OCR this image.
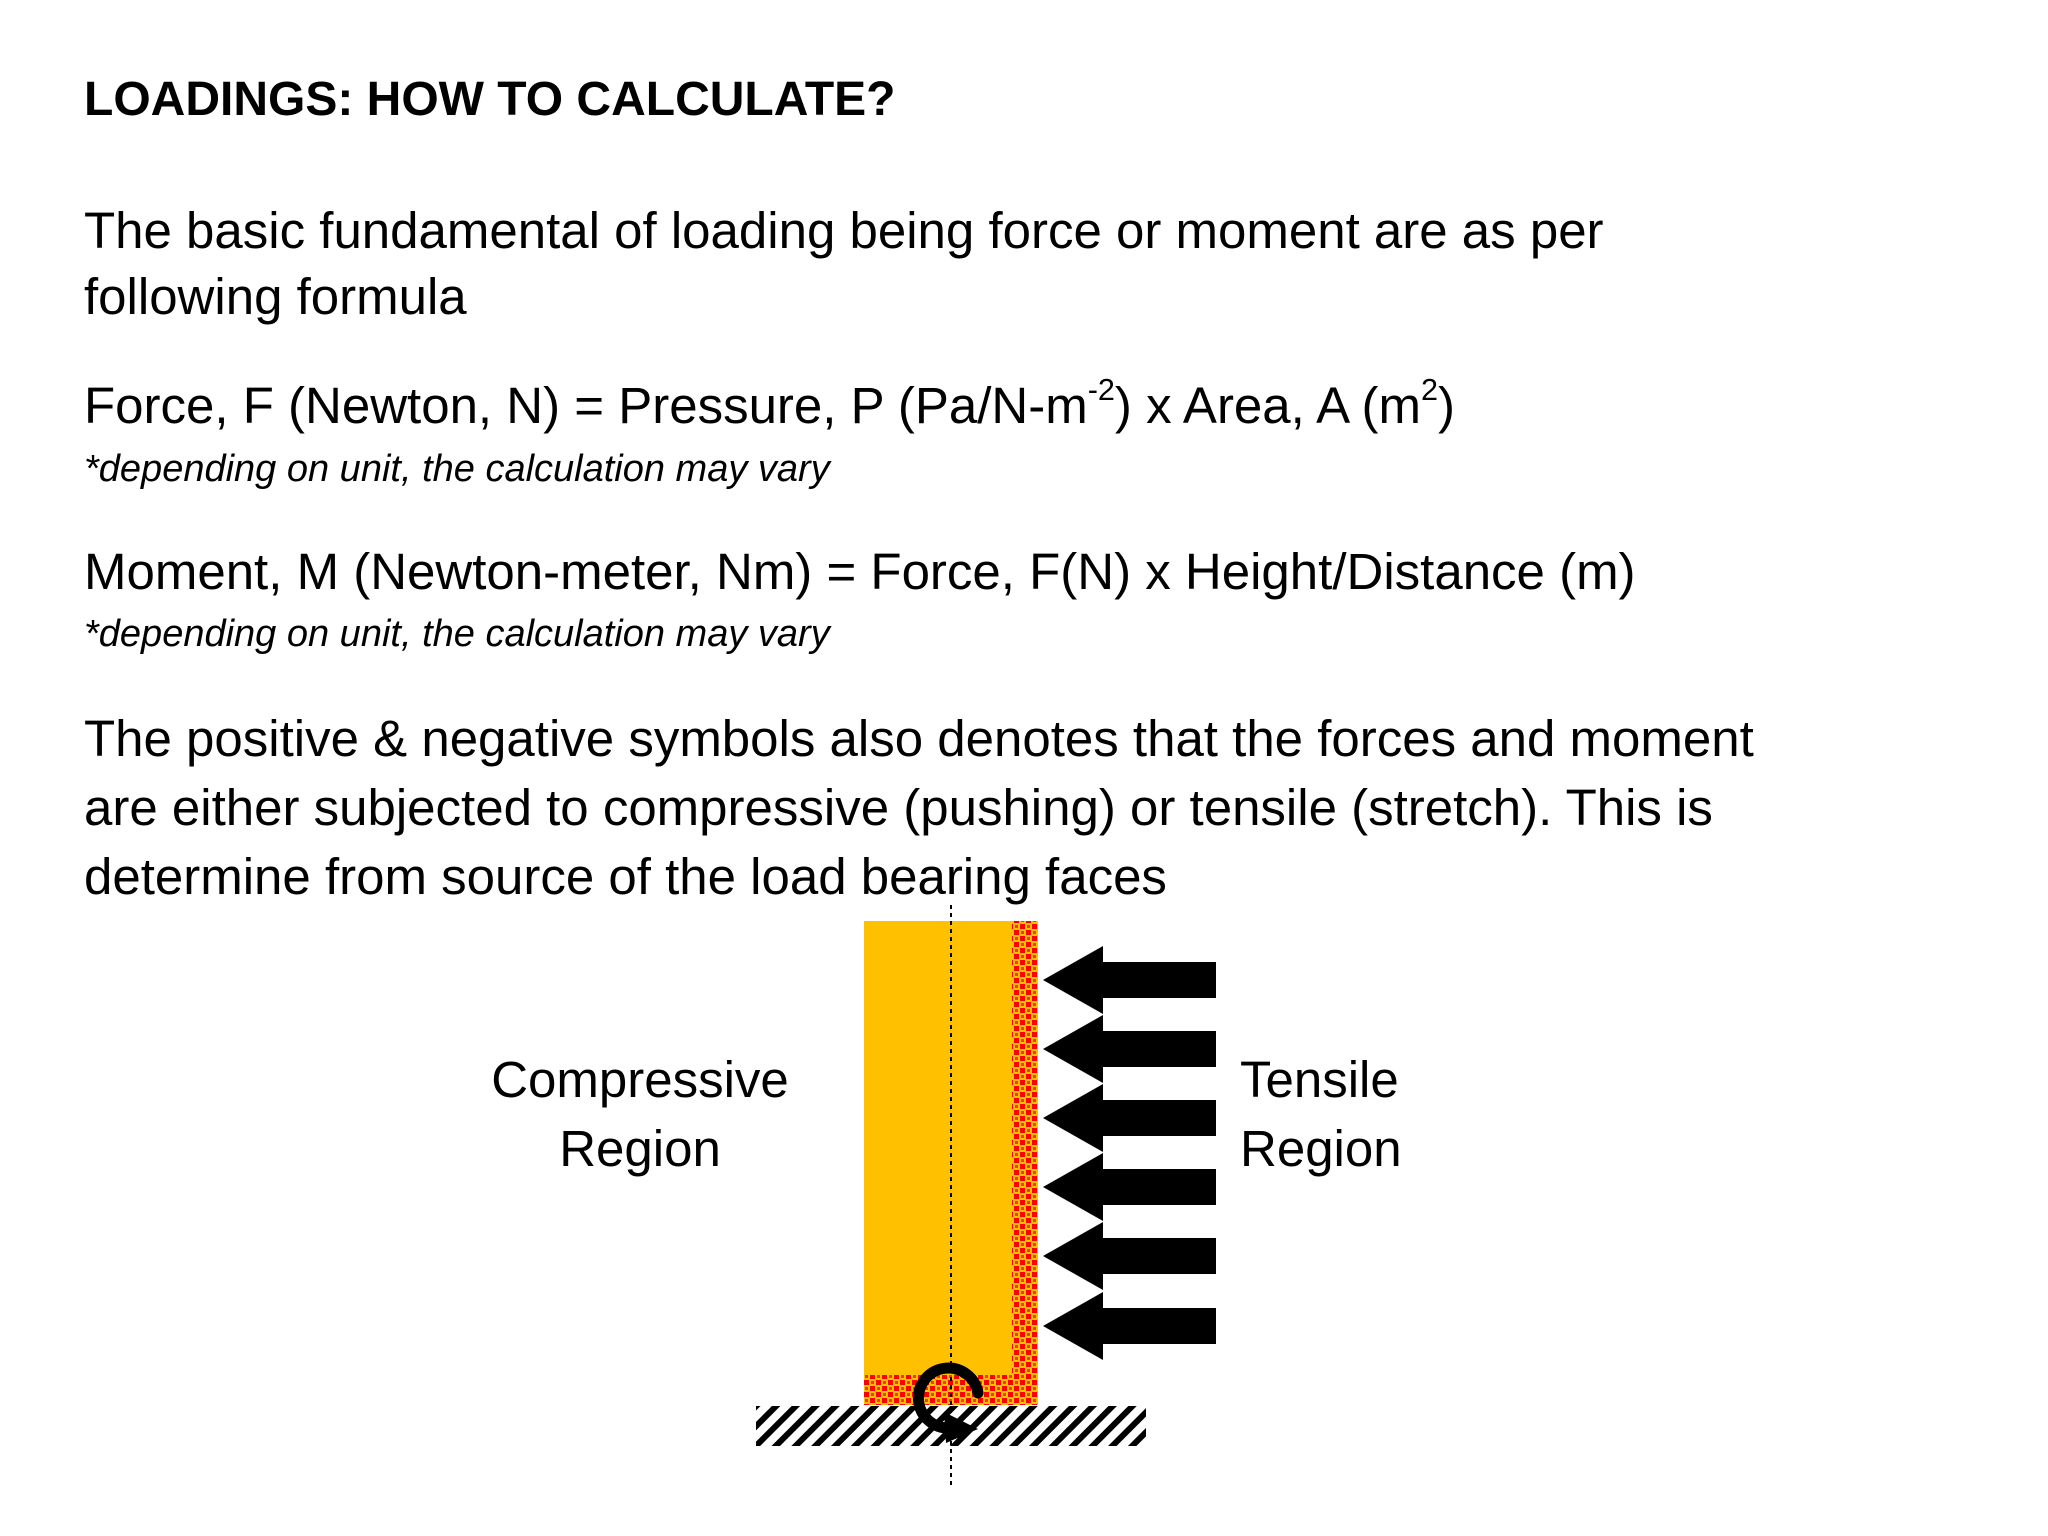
LOADINGS: HOW TO CALCULATE?
The basic fundamental of loading being force or moment are as per
following formula
Force, F (Newton, N) = Pressure, P $(Pa/N-m^{-2})$ x Area, A $(m^2)$
*depending on unit, the calculation may vary
Moment, M (Newton-meter, Nm) = Force, F(N) x Height/Distance (m)
*depending on unit, the calculation may vary
The positive & negative symbols also denotes that the forces and moment
are either subjected to compressive (pushing) or tensile (stretch). This is
determine from source of the load bearing faces
Compressive
Region
Tensile
Region
